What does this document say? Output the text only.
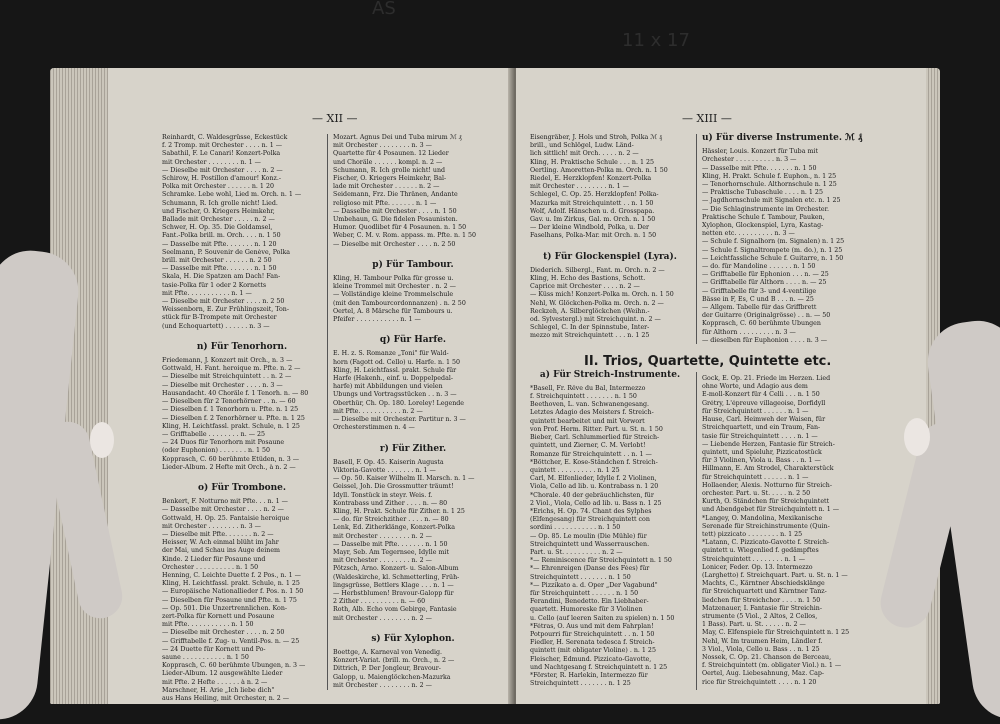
AS
11 x 17
— XII —
Reinhardt, C. Waldesgrüsse, Eckestück
f. 2 Tromp. mit Orchester . . . . n. 1 —
Sabathil, F. Le Canari! Konzert-Polka
mit Orchester . . . . . . . . n. 1 —
— Dieselbe mit Orchester . . . . n. 2 —
Schirow, H. Postillon d'amour! Konz.-
Polka mit Orchester . . . . . . n. 1 20
Schramke. Lebe wohl, Lied m. Orch. n. 1 —
Schumann, R. Ich grolle nicht! Lied.
und Fischer, O. Kriegers Heimkehr,
Ballade mit Orchester . . . . . n. 2 —
Schwer, H. Op. 35. Die Goldamsel,
Fant.-Polka brill. m. Orch. . . . n. 1 50
— Dasselbe mit Pfte. . . . . . . n. 1 20
Seelmann, P. Souvenir de Genève, Polka
brill. mit Orchester . . . . . . n. 2 50
— Dasselbe mit Pfte. . . . . . . n. 1 50
Skala, H. Die Spatzen am Dach! Fan-
tasie-Polka für 1 oder 2 Kornetts
mit Pfte. . . . . . . . . . . n. 1 —
— Dieselbe mit Orchester . . . . n. 2 50
Weissenborn, E. Zur Frühlingszeit, Ton-
stück für B-Trompete mit Orchester
(und Echoquartett) . . . . . . n. 3 —
n) Für Tenorhorn.
Friedemann, J. Konzert mit Orch., n. 3 —
Gottwald, H. Fant. heroique m. Pfte. n. 2 —
— Dieselbe mit Streichquintett . . n. 2 —
— Dieselbe mit Orchester . . . . n. 3 —
Hausandacht. 40 Choräle f. 1 Tenorh. n. — 80
— Dieselben für 2 Tenorhörner . . n. — 60
— Dieselben f. 1 Tenorhorn u. Pfte. n. 1 25
— Dieselben f. 2 Tenorhörner u. Pfte. n. 1 25
Kling, H. Leichtfassl. prakt. Schule, n. 1 25
— Grifftabelle . . . . . . . . n. — 25
— 24 Duos für Tenorhorn mit Posaune
(oder Euphonion) . . . . . . . n. 1 50
Kopprasch, C. 60 berühmte Etüden, n. 3 —
Lieder-Album. 2 Hefte mit Orch., à n. 2 —
o) Für Trombone.
Benkert, F. Notturno mit Pfte. . . n. 1 —
— Dasselbe mit Orchester . . . . n. 2 —
Gottwald, H. Op. 25. Fantaisie heroique
mit Orchester . . . . . . . . n. 3 —
— Dieselbe mit Pfte. . . . . . . n. 2 —
Heisser, W. Ach einmal blüht im Jahr
der Mai, und Schau ins Auge deinem
Kinde. 2 Lieder für Posaune und
Orchester . . . . . . . . . . n. 1 50
Henning, C. Leichte Duette f. 2 Pos., n. 1 —
Kling, H. Leichtfassl. prakt. Schule, n. 1 25
— Europäische Nationallieder f. Pos. n. 1 50
— Dieselben für Posaune und Pfte. n. 1 75
— Op. 501. Die Unzertrennlichen. Kon-
zert-Polka für Kornett und Posaune
mit Pfte. . . . . . . . . . . n. 1 50
— Dieselbe mit Orchester . . . . n. 2 50
— Grifftabelle f. Zug- u. Ventil-Pos. n. — 25
— 24 Duette für Kornett und Po-
saune . . . . . . . . . . . n. 1 50
Kopprasch, C. 60 berühmte Übungen, n. 3 —
Lieder-Album. 12 ausgewählte Lieder
mit Pfte. 2 Hefte . . . . . . à n. 2 —
Marschner, H. Arie „Ich liebe dich"
aus Hans Heiling, mit Orchester, n. 2 —
Mozart. Agnus Dei und Tuba mirum ℳ ₰
mit Orchester . . . . . . . . n. 3 —
Quartette für 4 Posaunen. 12 Lieder
und Choräle . . . . . . kompl. n. 2 —
Schumann, R. Ich grolle nicht! und
Fischer, O. Kriegers Heimkehr, Bal-
lade mit Orchester . . . . . . n. 2 —
Seidemann, Frz. Die Thränen, Andante
religioso mit Pfte. . . . . . . n. 1 —
— Dasselbe mit Orchester . . . . n. 1 50
Umbehaun, G. Die fidelen Posaunisten.
Humor. Quodlibet für 4 Posaunen. n. 1 50
Weber, C. M. v. Rom. appass. m. Pfte. n. 1 50
— Dieselbe mit Orchester . . . . n. 2 50
p) Für Tambour.
Kling, H. Tambour Polka für grosse u.
kleine Trommel mit Orchester . n. 2 —
— Vollständige kleine Trommelschule
(mit den Tambourcordonnanzen) . n. 2 50
Oertel, A. 8 Märsche für Tambours u.
Pfeifer . . . . . . . . . . . n. 1 —
q) Für Harfe.
E. H. z. S. Romanze „Toni" für Wald-
horn (Fagott od. Cello) u. Harfe. n. 1 50
Kling, H. Leichtfassl. prakt. Schule für
Harfe (Hakenh., einf. u. Doppelpedal-
harfe) mit Abbildungen und vielen
Übungs und Vortragsstücken . . n. 3 —
Oberthür, Ch. Op. 180. Loreley! Legende
mit Pfte. . . . . . . . . . . n. 2 —
— Dieselbe mit Orchester. Partitur n. 3 —
Orchesterstimmen n. 4 —
r) Für Zither.
Basell, F. Op. 45. Kaiserin Augusta
Viktoria-Gavotte . . . . . . . n. 1 —
— Op. 50. Kaiser Wilhelm II. Marsch. n. 1 —
Geissel, Joh. Die Grossmutter träumt!
Idyll. Tonstück in steyr. Weis. f.
Kontrabass und Zither . . . . n. — 80
Kling, H. Prakt. Schule für Zither. n. 1 25
— do. für Streichzither . . . . n. — 80
Lenk, Ed. Zitherklänge, Konzert-Polka
mit Orchester . . . . . . . . n. 2 —
— Dasselbe mit Pfte. . . . . . . n. 1 50
Mayr, Seb. Am Tegernsee, Idylle mit
mit Orchester . . . . . . . . n. 2 —
Pötzsch, Arno. Konzert- u. Salon-Album
(Waldeskirche, kl. Schmetterling, Früh-
lingsgrüsse, Bettlers Klage . . . n. 1 —
— Herbstblumen! Bravour-Galopp für
2 Zither . . . . . . . . . . n. — 60
Roth, Alb. Echo vom Gebirge, Fantasie
mit Orchester . . . . . . . . n. 2 —
s) Für Xylophon.
Boettge, A. Karneval von Venedig.
Konzert-Variat. (brill. m. Orch., n. 2 —
Dittrich, P. Der Jongleur, Bravour-
Galopp, u. Maienglöckchen-Mazurka
mit Orchester . . . . . . . . n. 2 —
— XIII —
Eisengräber, J. Hols und Stroh, Polka ℳ ₰
brill., und Schlögel, Ludw. Länd-
lich sittlich! mit Orch. . . . . n. 2 —
Kling, H. Praktische Schule . . . n. 1 25
Oertling. Amoretten-Polka m. Orch. n. 1 50
Riedel, E. Herzklopfen! Konzert-Polka
mit Orchester . . . . . . . . n. 1 —
Schlegel, C. Op. 25. Herzklopfen! Polka-
Mazurka mit Streichquintett . . n. 1 50
Wolf, Adolf. Hänschen u. d. Grosspapa.
Gav. u. Im Zirkus, Gal. m. Orch. n. 1 50
— Der kleine Windbold, Polka, u. Der
Faselhans, Polka-Mar. mit Orch. n. 1 50
t) Für Glockenspiel (Lyra).
Diederich. Silbergl., Fant. m. Orch. n. 2 —
Kling, H. Echo des Bastions, Schott.
Caprice mit Orchester . . . . n. 2 —
— Küss mich! Konzert-Polka m. Orch. n. 1 50
Nehl, W. Glöckchen-Polka m. Orch. n. 2 —
Reckzeh, A. Silberglöckchen (Weihn.-
od. Sylvestergl.) mit Streichquint. n. 2 —
Schlegel, C. In der Spinnstube, Inter-
mezzo mit Streichquintett . . . n. 1 25
a) Für Streich-Instrumente.
*Basell, Fr. Rêve du Bal, Intermezzo
f. Streichquintett . . . . . . . n. 1 50
Beethoven, L. van. Schwanengesang.
Letztes Adagio des Meisters f. Streich-
quintett bearbeitet und mit Vorwort
von Prof. Herm. Ritter. Part. u. St. n. 1 50
Bieber, Carl. Schlummerlied für Streich-
quintett, und Zierner, C. M. Verlobt!
Romanze für Streichquintett . . n. 1 —
*Böttcher, E. Kose-Ständchen f. Streich-
quintett . . . . . . . . . . n. 1 25
Carl, M. Elfenlieder, Idylle f. 2 Violinen,
Viola, Cello ad lib. u. Kontrabass n. 1 20
*Chorale. 40 der gebräuchlichsten, für
2 Viol., Viola, Cello ad lib. u. Bass n. 1 25
*Erichs, H. Op. 74. Chant des Sylphes
(Elfengesang) für Streichquintett con
sordini . . . . . . . . . . . n. 1 50
— Op. 85. Le moulin (Die Mühle) für
Streichquintett und Wasserrauschen.
Part. u. St. . . . . . . . . . n. 2 —
*— Reminiscence für Streichquintett n. 1 50
*— Ehrenreigen (Danse des Fées) für
Streichquintett . . . . . . . n. 1 50
*— Pizzikato a. d. Oper „Der Vagabund"
für Streichquintett . . . . . . n. 1 50
Ferandini, Benedetto. Ein Liebhaber-
quartett. Humoreske für 3 Violinen
u. Cello (auf leeren Saiten zu spielen) n. 1 50
*Fétras, O. Aus und mit dem Fahrplan!
Potpourri für Streichquintett . . n. 1 50
Fiedler, H. Serenata tedesca f. Streich-
quintett (mit obligater Violine) . n. 1 25
Fleischer, Edmund. Pizzicato-Gavotte,
und Nachtgesang f. Streichquintett n. 1 25
*Förster, R. Harlekin, Intermezzo für
Streichquintett . . . . . . . n. 1 25
u) Für diverse Instrumente. ℳ ₰
Hässler, Louis. Konzert für Tuba mit
Orchester . . . . . . . . . . n. 3 —
— Dasselbe mit Pfte. . . . . . . n. 1 50
Kling, H. Prakt. Schule f. Euphon., n. 1 25
— Tenorhornschule. Althornschule n. 1 25
— Praktische Tubaschule . . . . n. 1 25
— Jagdhornschule mit Signalen etc. n. 1 25
— Die Schlaginstrumente im Orchester.
Praktische Schule f. Tambour, Pauken,
Xylophon, Glockenspiel, Lyra, Kastag-
netten etc. . . . . . . . . . n. 3 —
— Schule f. Signalhorn (m. Signalen) n. 1 25
— Schule f. Signaltrompete (m. do.), n. 1 25
— Leichtfassliche Schule f. Guitarre, n. 1 50
— do. für Mandoline . . . . . . n. 1 50
— Grifftabelle für Ephonion . . . n. — 25
— Grifftabelle für Althorn . . . . n. — 25
— Grifftabelle für 3- und 4-ventilige
Bässe in F, Es, C und B . . . n. — 25
— Allgem. Tabelle für das Griffbrett
der Guitarre (Originalgrösse) . . n. — 50
Kopprasch, C. 60 berühmte Übungen
für Althorn . . . . . . . . . n. 3 —
— dieselben für Euphonion . . . . n. 3 —
Gock, E. Op. 21. Friede im Herzen. Lied
ohne Worte, und Adagio aus dem
E-moll-Konzert für 4 Celli . . . n. 1 50
Grétry, L'épreuve villageoise, Dorfidyll
für Streichquintett . . . . . . n. 1 —
Hause, Carl. Heimweh der Waisen, für
Streichquartett, und ein Traum, Fan-
tasie für Streichquintett . . . . n. 1 —
— Liebende Herzen, Fantasie für Streich-
quintett, und Spieluhr, Pizzicatostück
für 3 Violinen, Viola u. Bass . . n. 1 —
Hillmann, E. Am Strodel, Charakterstück
für Streichquintett . . . . . . n. 1 —
Hollaender, Alexis. Notturno für Streich-
orchester. Part. u. St. . . . . n. 2 50
Kurth, O. Ständchen für Streichquintett
und Abendgebet für Streichquintett n. 1 —
*Langey, O. Mandolina, Mexikanische
Serenade für Streichinstrumente (Quin-
tett) pizzicato . . . . . . . . n. 1 25
*Latann, C. Pizzicato-Gavotte f. Streich-
quintett u. Wiegenlied f. gedämpftes
Streichquintett . . . . . . . . n. 1 —
Lonicer, Feder. Op. 13. Intermezzo
(Larghetto) f. Streichquart. Part. u. St. n. 1 —
Machts, C., Kärntner Abschiedsklänge
für Streichquartett und Kärntner Tanz-
liedchen für Streichchor . . . . n. 1 50
Matzenauer, I. Fantasie für Streichin-
strumente (5 Viol., 2 Altos, 2 Cellos,
1 Bass). Part. u. St. . . . . . n. 2 —
May, C. Elfenspiele für Streichquintett n. 1 25
Nehl, W. Im traumen Heim, Ländler f.
3 Viol., Viola, Cello u. Bass . . n. 1 25
Nossek, C. Op. 21. Chanson de Berceau,
f. Streichquintett (m. obligater Viol.) n. 1 —
Oertel, Aug. Liebesahnung, Maz. Cap-
rice für Streichquintett . . . . n. 1 20
II. Trios, Quartette, Quintette etc.
